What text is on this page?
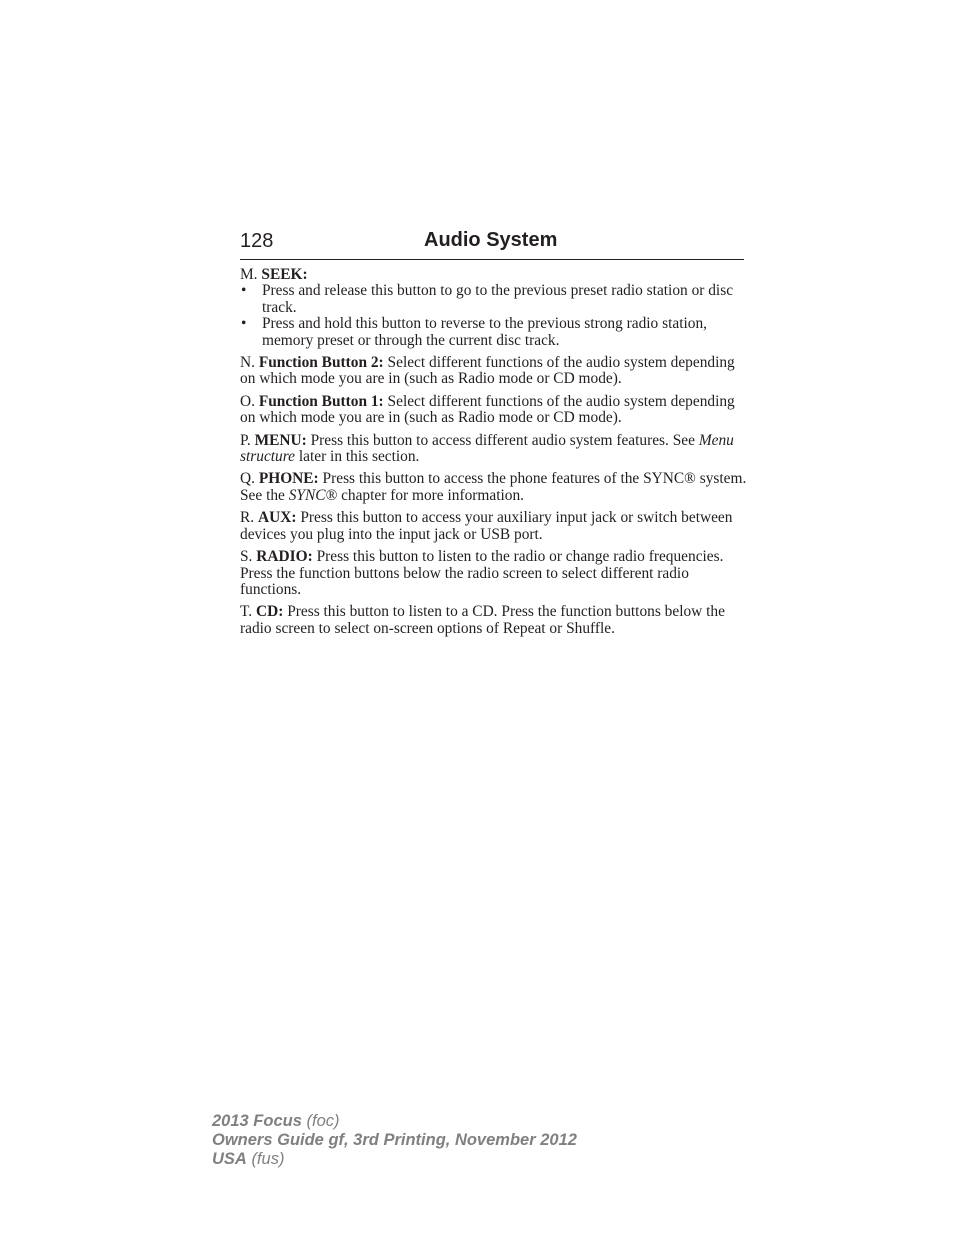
128	Audio System

M. SEEK:

• Press and release this button to go to the previous preset radio station or disc track.
• Press and hold this button to reverse to the previous strong radio station, memory preset or through the current disc track.

N. Function Button 2: Select different functions of the audio system depending on which mode you are in (such as Radio mode or CD mode).

O. Function Button 1: Select different functions of the audio system depending on which mode you are in (such as Radio mode or CD mode).

P. MENU: Press this button to access different audio system features. See Menu structure later in this section.

Q. PHONE: Press this button to access the phone features of the SYNC® system. See the SYNC® chapter for more information.

R. AUX: Press this button to access your auxiliary input jack or switch between devices you plug into the input jack or USB port.

S. RADIO: Press this button to listen to the radio or change radio frequencies. Press the function buttons below the radio screen to select different radio functions.

T. CD: Press this button to listen to a CD. Press the function buttons below the radio screen to select on-screen options of Repeat or Shuffle.

2013 Focus (foc)
Owners Guide gf, 3rd Printing, November 2012
USA (fus)
